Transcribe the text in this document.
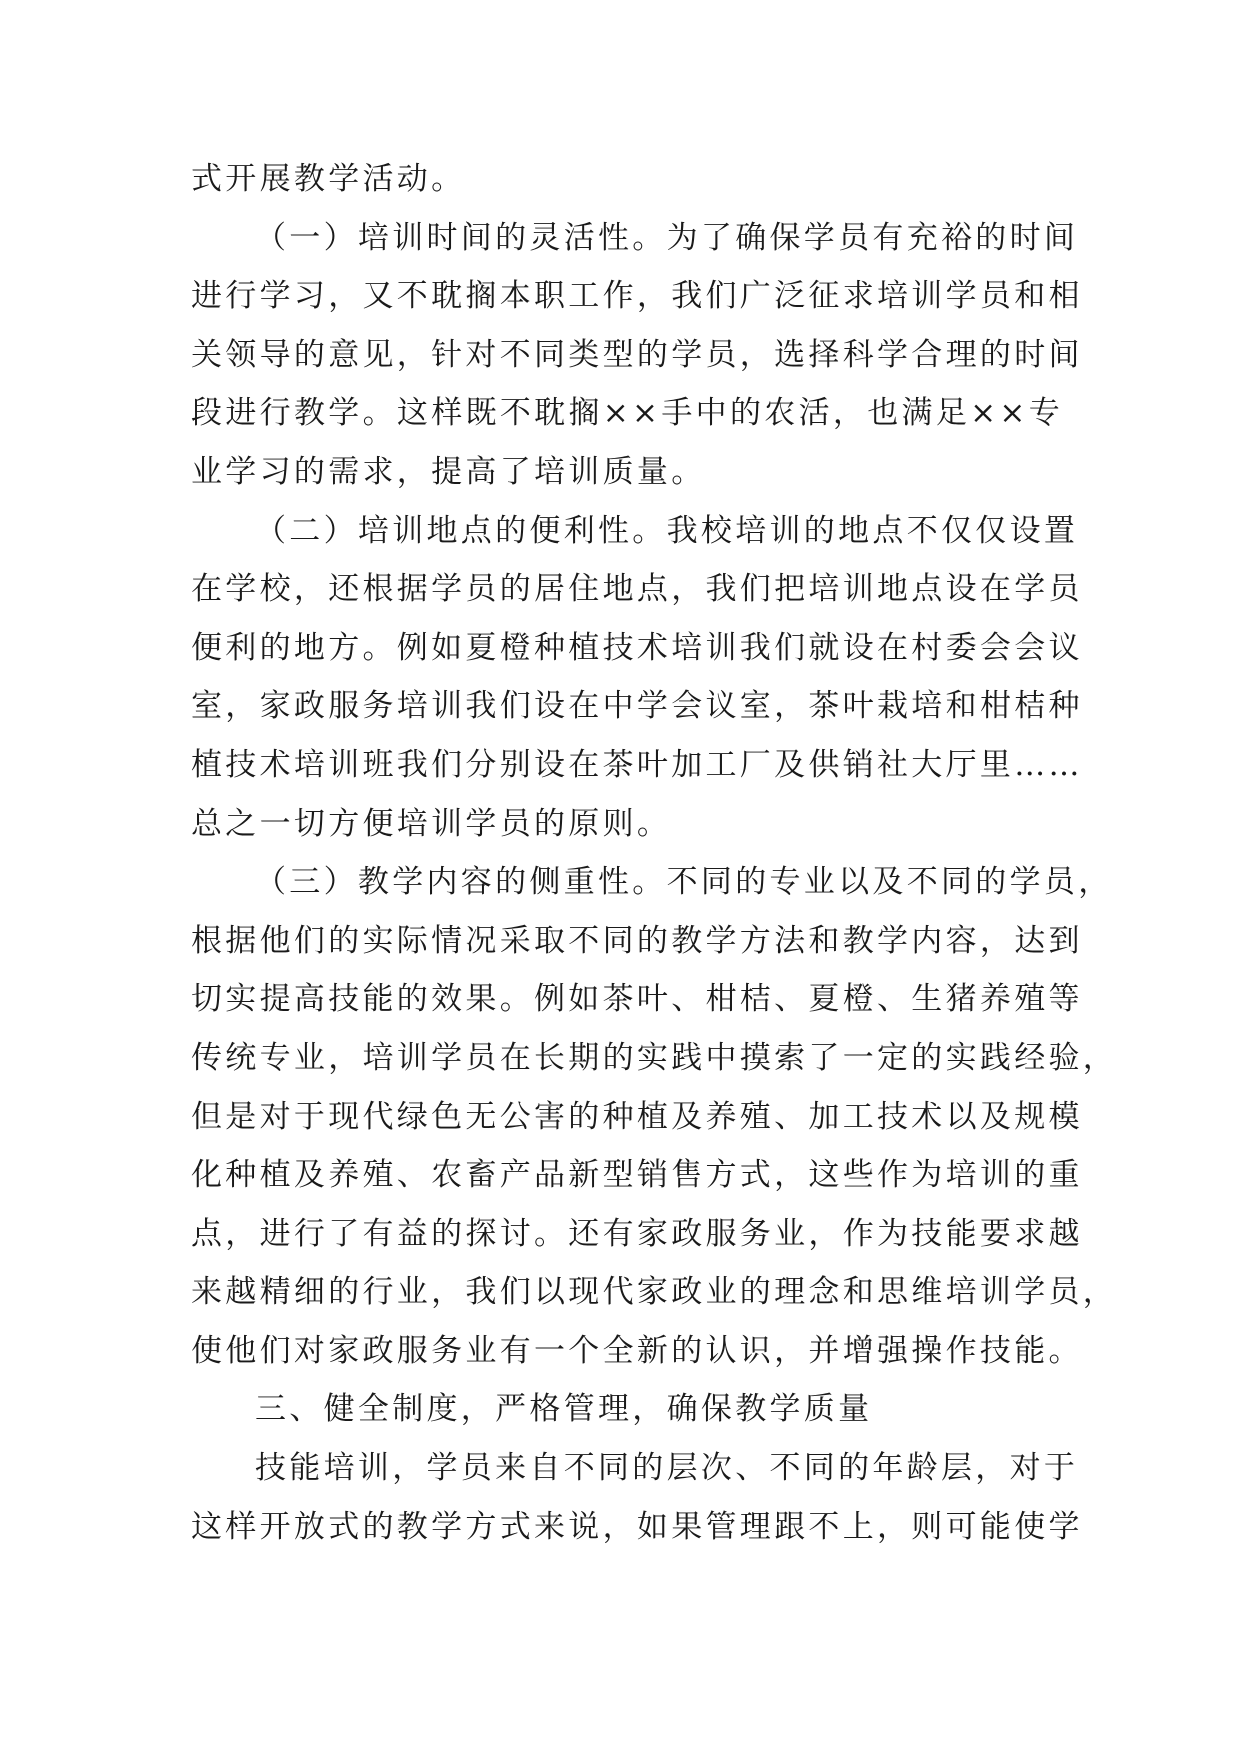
式开展教学活动。
（一）培训时间的灵活性。为了确保学员有充裕的时间
进行学习，又不耽搁本职工作，我们广泛征求培训学员和相
关领导的意见，针对不同类型的学员，选择科学合理的时间
段进行教学。这样既不耽搁××手中的农活，也满足××专
业学习的需求，提高了培训质量。
（二）培训地点的便利性。我校培训的地点不仅仅设置
在学校，还根据学员的居住地点，我们把培训地点设在学员
便利的地方。例如夏橙种植技术培训我们就设在村委会会议
室，家政服务培训我们设在中学会议室，茶叶栽培和柑桔种
植技术培训班我们分别设在茶叶加工厂及供销社大厅里……
总之一切方便培训学员的原则。
（三）教学内容的侧重性。不同的专业以及不同的学员，
根据他们的实际情况采取不同的教学方法和教学内容，达到
切实提高技能的效果。例如茶叶、柑桔、夏橙、生猪养殖等
传统专业，培训学员在长期的实践中摸索了一定的实践经验，
但是对于现代绿色无公害的种植及养殖、加工技术以及规模
化种植及养殖、农畜产品新型销售方式，这些作为培训的重
点，进行了有益的探讨。还有家政服务业，作为技能要求越
来越精细的行业，我们以现代家政业的理念和思维培训学员，
使他们对家政服务业有一个全新的认识，并增强操作技能。
三、健全制度，严格管理，确保教学质量
技能培训，学员来自不同的层次、不同的年龄层，对于
这样开放式的教学方式来说，如果管理跟不上，则可能使学
